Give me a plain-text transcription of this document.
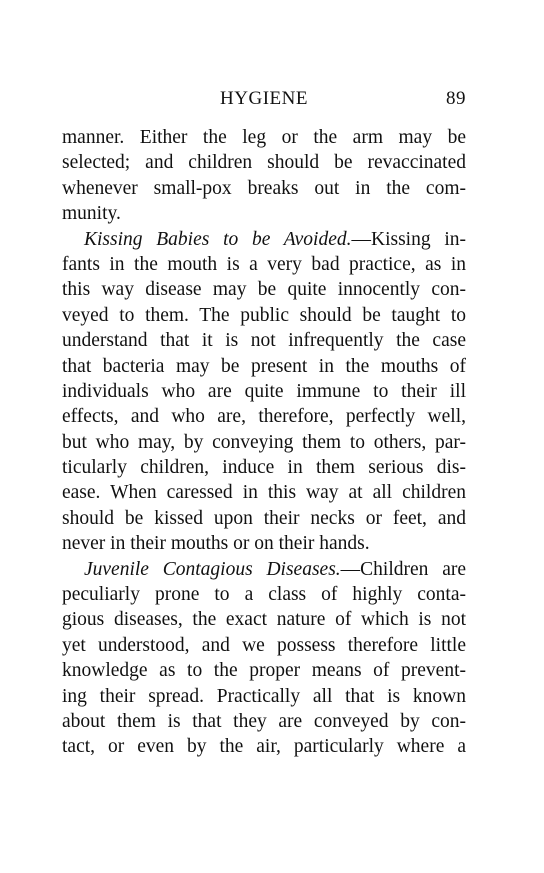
HYGIENE	89
manner. Either the leg or the arm may be
selected; and children should be revaccinated
whenever small-pox breaks out in the com-
munity.
Kissing Babies to be Avoided.—Kissing in-
fants in the mouth is a very bad practice, as in
this way disease may be quite innocently con-
veyed to them. The public should be taught to
understand that it is not infrequently the case
that bacteria may be present in the mouths of
individuals who are quite immune to their ill
effects, and who are, therefore, perfectly well,
but who may, by conveying them to others, par-
ticularly children, induce in them serious dis-
ease. When caressed in this way at all children
should be kissed upon their necks or feet, and
never in their mouths or on their hands.
Juvenile Contagious Diseases.—Children are
peculiarly prone to a class of highly conta-
gious diseases, the exact nature of which is not
yet understood, and we possess therefore little
knowledge as to the proper means of prevent-
ing their spread. Practically all that is known
about them is that they are conveyed by con-
tact, or even by the air, particularly where a
